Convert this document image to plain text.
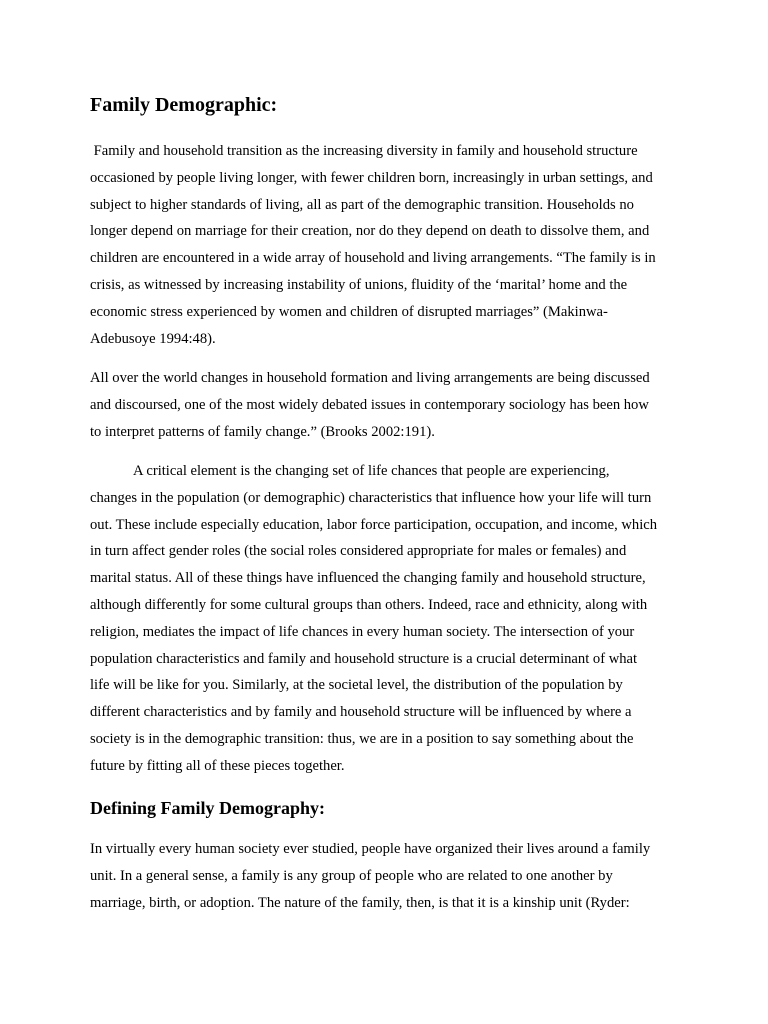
Family Demographic:
Family and household transition as the increasing diversity in family and household structure
occasioned by people living longer, with fewer children born, increasingly in urban settings, and
subject to higher standards of living, all as part of the demographic transition. Households no
longer depend on marriage for their creation, nor do they depend on death to dissolve them, and
children are encountered in a wide array of household and living arrangements. “The family is in
crisis, as witnessed by increasing instability of unions, fluidity of the ‘marital’ home and the
economic stress experienced by women and children of disrupted marriages” (Makinwa-
Adebusoye 1994:48).
All over the world changes in household formation and living arrangements are being discussed
and discoursed, one of the most widely debated issues in contemporary sociology has been how
to interpret patterns of family change.” (Brooks 2002:191).
A critical element is the changing set of life chances that people are experiencing,
changes in the population (or demographic) characteristics that influence how your life will turn
out. These include especially education, labor force participation, occupation, and income, which
in turn affect gender roles (the social roles considered appropriate for males or females) and
marital status. All of these things have influenced the changing family and household structure,
although differently for some cultural groups than others. Indeed, race and ethnicity, along with
religion, mediates the impact of life chances in every human society. The intersection of your
population characteristics and family and household structure is a crucial determinant of what
life will be like for you. Similarly, at the societal level, the distribution of the population by
different characteristics and by family and household structure will be influenced by where a
society is in the demographic transition: thus, we are in a position to say something about the
future by fitting all of these pieces together.
Defining Family Demography:
In virtually every human society ever studied, people have organized their lives around a family
unit. In a general sense, a family is any group of people who are related to one another by
marriage, birth, or adoption. The nature of the family, then, is that it is a kinship unit (Ryder:
